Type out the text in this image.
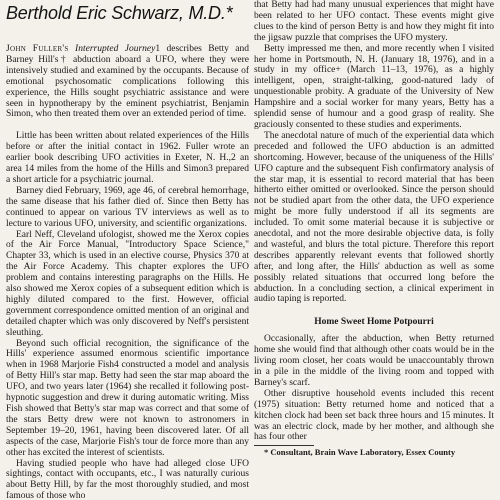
Berthold Eric Schwarz, M.D.*

John Fuller's Interrupted Journey1 describes Betty and Barney Hill's† abduction aboard a UFO, where they were intensively studied and examined by the occupants. Because of emotional psychosomatic complications following this experience, the Hills sought psychiatric assistance and were seen in hypnotherapy by the eminent psychiatrist, Benjamin Simon, who then treated them over an extended period of time.

Little has been written about related experiences of the Hills before or after the initial contact in 1962. Fuller wrote an earlier book describing UFO activities in Exeter, N. H.,2 an area 14 miles from the home of the Hills and Simon3 prepared a short article for a psychiatric journal.

Barney died February, 1969, age 46, of cerebral hemorrhage, the same disease that his father died of. Since then Betty has continued to appear on various TV interviews as well as to lecture to various UFO, university, and scientific organizations.

Earl Neff, Cleveland ufologist, showed me the Xerox copies of the Air Force Manual, "Introductory Space Science," Chapter 33, which is used in an elective course, Physics 370 at the Air Force Academy. This chapter explores the UFO problem and contains interesting paragraphs on the Hills. He also showed me Xerox copies of a subsequent edition which is highly diluted compared to the first. However, official government correspondence omitted mention of an original and detailed chapter which was only discovered by Neff's persistent sleuthing.

Beyond such official recognition, the significance of the Hills' experience assumed enormous scientific importance when in 1968 Marjorie Fish4 constructed a model and analysis of Betty Hill's star map. Betty had seen the star map aboard the UFO, and two years later (1964) she recalled it following post-hypnotic suggestion and drew it during automatic writing. Miss Fish showed that Betty's star map was correct and that some of the stars Betty drew were not known to astronomers in September 19–20, 1961, having been discovered later. Of all aspects of the case, Marjorie Fish's tour de force more than any other has excited the interest of scientists.

Having studied people who have had alleged close UFO sightings, contact with occupants, etc., I was naturally curious about Betty Hill, by far the most thoroughly studied, and most famous of those who

that Betty had had many unusual experiences that might have been related to her UFO contact. These events might give clues to the kind of person Betty is and how they might fit into the jigsaw puzzle that comprises the UFO mystery.

Betty impressed me then, and more recently when I visited her home in Portsmouth, N. H. (January 18, 1976), and in a study in my office+ (March 11–13, 1976), as a highly intelligent, open, straight-talking, good-natured lady of unquestionable probity. A graduate of the University of New Hampshire and a social worker for many years, Betty has a splendid sense of humour and a good grasp of reality. She graciously consented to these studies and experiments.

The anecdotal nature of much of the experiential data which preceded and followed the UFO abduction is an admitted shortcoming. However, because of the uniqueness of the Hills' UFO capture and the subsequent Fish confirmatory analysis of the star map, it is essential to record material that has been hitherto either omitted or overlooked. Since the person should not be studied apart from the other data, the UFO experience might be more fully understood if all its segments are included. To omit some material because it is subjective or anecdotal, and not the more desirable objective data, is folly and wasteful, and blurs the total picture. Therefore this report describes apparently relevant events that followed shortly after, and long after, the Hills' abduction as well as some possibly related situations that occurred long before the abduction. In a concluding section, a clinical experiment in audio taping is reported.

Home Sweet Home Potpourri

Occasionally, after the abduction, when Betty returned home she would find that although other coats would be in the living room closet, her coats would be unaccountably thrown in a pile in the middle of the living room and topped with Barney's scarf.

Other disruptive household events included this recent (1975) situation: Betty returned home and noticed that a kitchen clock had been set back three hours and 15 minutes. It was an electric clock, made by her mother, and although she has four other

* Consultant, Brain Wave Laboratory, Essex County
